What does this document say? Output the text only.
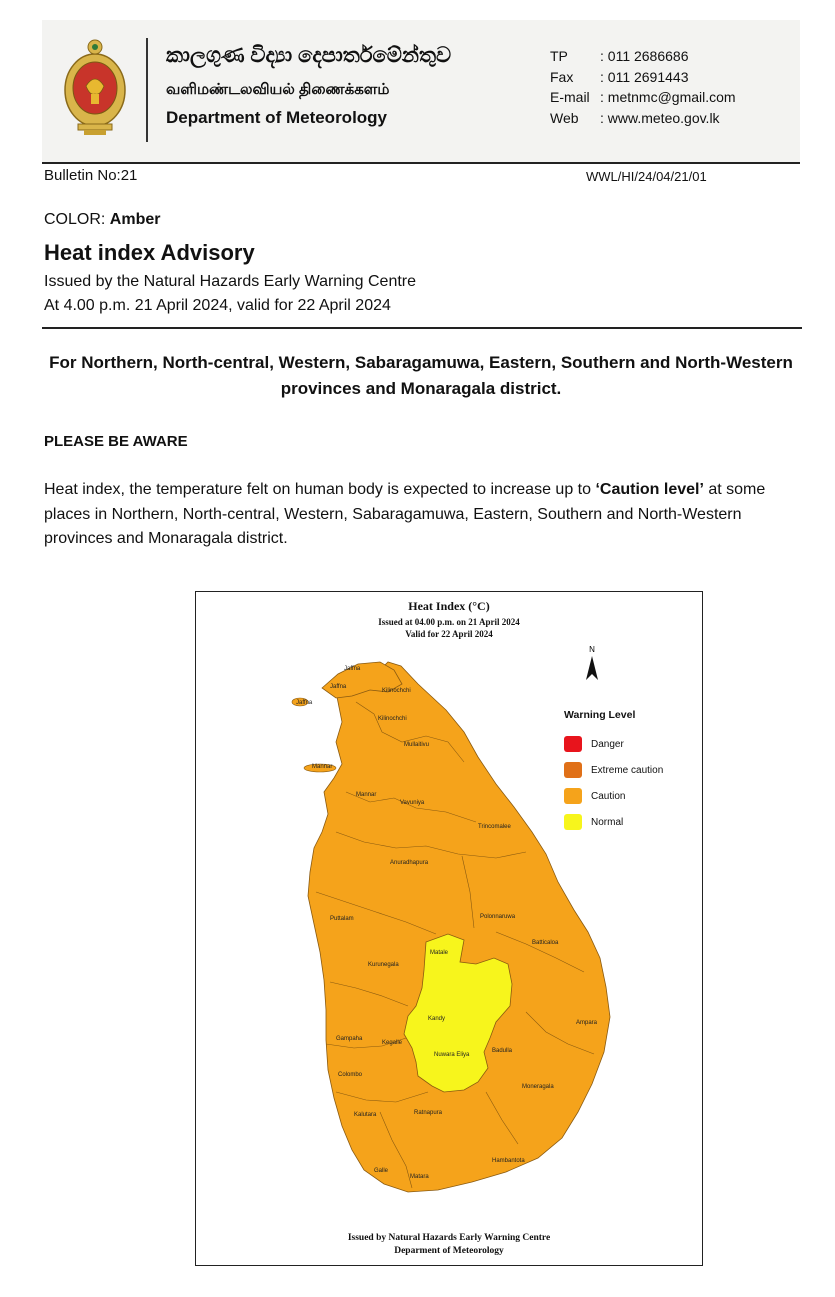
කාලගුණ විද්‍යා දෙපාර්තමේන්තුව
வளிமண்டலவியல் திணைக்களம்
Department of Meteorology
TP : 011 2686686
Fax : 011 2691443
E-mail : metnmc@gmail.com
Web : www.meteo.gov.lk
Bulletin No:21	WWL/HI/24/04/21/01
COLOR: Amber
Heat index Advisory
Issued by the Natural Hazards Early Warning Centre
At 4.00 p.m. 21 April 2024, valid for 22 April 2024
For Northern, North-central, Western, Sabaragamuwa, Eastern, Southern and North-Western provinces and Monaragala district.
PLEASE BE AWARE
Heat index, the temperature felt on human body is expected to increase up to ‘Caution level’ at some places in Northern, North-central, Western, Sabaragamuwa, Eastern, Southern and North-Western provinces and Monaragala district.
Heat Index (°C)
Issued at 04.00 p.m. on 21 April 2024
Valid for 22 April 2024
N
Warning Level
Danger
Extreme caution
Caution
Normal
Jaffna
Jaffna
Jaffna
Kilinochchi
Kilinochchi
Mullaitivu
Mannar
Mannar
Vavuniya
Trincomalee
Anuradhapura
Puttalam	Polonnaruwa
Batticaloa
Matale
Kurunegala
Kandy
Ampara
Gampaha
Kegalle
Nuwara Eliya
Badulla
Colombo
Moneragala
Kalutara	Ratnapura
Hambantota
Galle
Matara
Issued by Natural Hazards Early Warning Centre
Deparment of Meteorology
